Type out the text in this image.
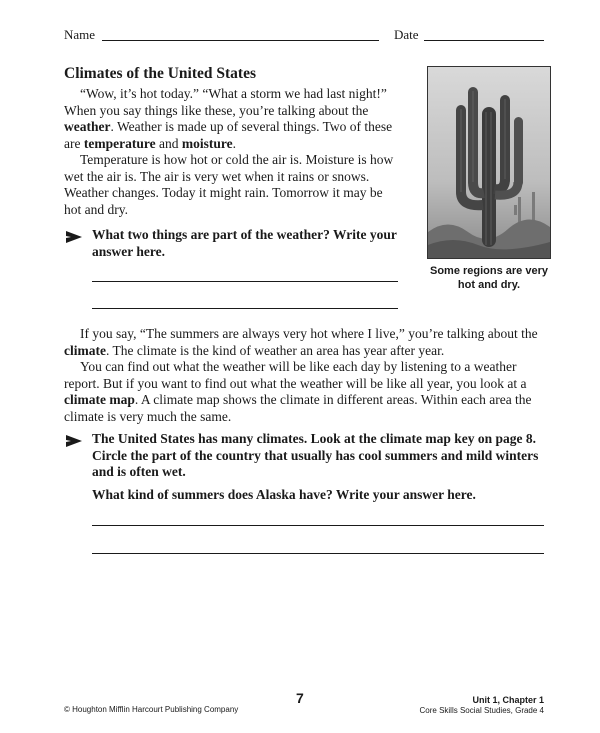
Name	Date
Climates of the United States

“Wow, it’s hot today.” “What a storm we had last night!” When you say things like these, you’re talking about the weather. Weather is made up of several things. Two of these are temperature and moisture.

Temperature is how hot or cold the air is. Moisture is how wet the air is. The air is very wet when it rains or snows. Weather changes. Today it might rain. Tomorrow it may be hot and dry.

What two things are part of the weather? Write your answer here.
Some regions are very
hot and dry.

If you say, “The summers are always very hot where I live,” you’re talking about the climate. The climate is the kind of weather an area has year after year.

You can find out what the weather will be like each day by listening to a weather report. But if you want to find out what the weather will be like all year, you look at a climate map. A climate map shows the climate in different areas. Within each area the climate is very much the same.

The United States has many climates. Look at the climate map key on page 8. Circle the part of the country that usually has cool summers and mild winters and is often wet.
What kind of summers does Alaska have? Write your answer here.
7
© Houghton Mifflin Harcourt Publishing Company
Unit 1, Chapter 1
Core Skills Social Studies, Grade 4
